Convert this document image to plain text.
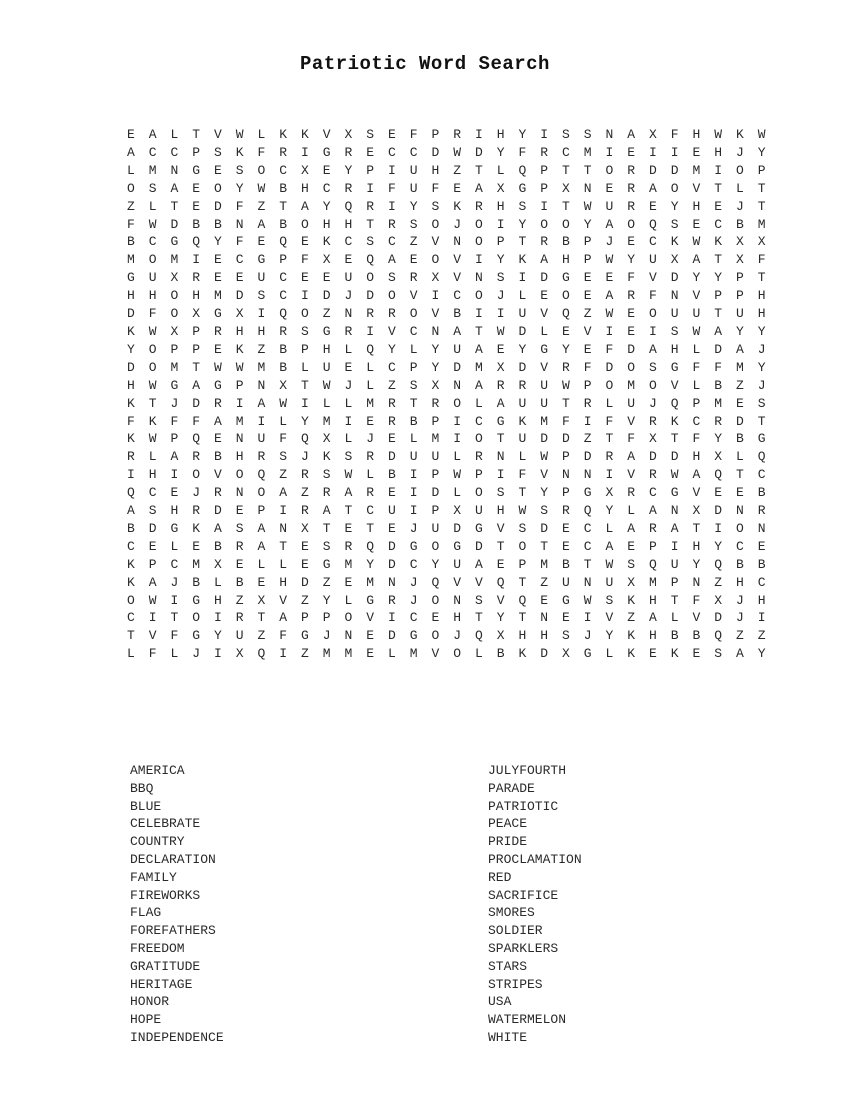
Patriotic Word Search
E	A	L	T	V	W	L	K	K	V	X	S	E	F	P	R	I	H	Y	I	S	S	N	A	X	F	H	W	K	W
A	C	C	P	S	K	F	R	I	G	R	E	C	C	D	W	D	Y	F	R	C	M	I	E	I	I	E	H	J	Y
L	M	N	G	E	S	O	C	X	E	Y	P	I	U	H	Z	T	L	Q	P	T	T	O	R	D	D	M	I	O	P
O	S	A	E	O	Y	W	B	H	C	R	I	F	U	F	E	A	X	G	P	X	N	E	R	A	O	V	T	L	T
Z	L	T	E	D	F	Z	T	A	Y	Q	R	I	Y	S	K	R	H	S	I	T	W	U	R	E	Y	H	E	J	T
F	W	D	B	B	N	A	B	O	H	H	T	R	S	O	J	O	I	Y	O	O	Y	A	O	Q	S	E	C	B	M
B	C	G	Q	Y	F	E	Q	E	K	C	S	C	Z	V	N	O	P	T	R	B	P	J	E	C	K	W	K	X	X
M	O	M	I	E	C	G	P	F	X	E	Q	A	E	O	V	I	Y	K	A	H	P	W	Y	U	X	A	T	X	F
G	U	X	R	E	E	U	C	E	E	U	O	S	R	X	V	N	S	I	D	G	E	E	F	V	D	Y	Y	P	T
H	H	O	H	M	D	S	C	I	D	J	D	O	V	I	C	O	J	L	E	O	E	A	R	F	N	V	P	P	H
D	F	O	X	G	X	I	Q	O	Z	N	R	R	O	V	B	I	I	U	V	Q	Z	W	E	O	U	U	T	U	H
K	W	X	P	R	H	H	R	S	G	R	I	V	C	N	A	T	W	D	L	E	V	I	E	I	S	W	A	Y	Y
Y	O	P	P	E	K	Z	B	P	H	L	Q	Y	L	Y	U	A	E	Y	G	Y	E	F	D	A	H	L	D	A	J
D	O	M	T	W	W	M	B	L	U	E	L	C	P	Y	D	M	X	D	V	R	F	D	O	S	G	F	F	M	Y
H	W	G	A	G	P	N	X	T	W	J	L	Z	S	X	N	A	R	R	U	W	P	O	M	O	V	L	B	Z	J
K	T	J	D	R	I	A	W	I	L	L	M	R	T	R	O	L	A	U	U	T	R	L	U	J	Q	P	M	E	S
F	K	F	F	A	M	I	L	Y	M	I	E	R	B	P	I	C	G	K	M	F	I	F	V	R	K	C	R	D	T
K	W	P	Q	E	N	U	F	Q	X	L	J	E	L	M	I	O	T	U	D	D	Z	T	F	X	T	F	Y	B	G
R	L	A	R	B	H	R	S	J	K	S	R	D	U	U	L	R	N	L	W	P	D	R	A	D	D	H	X	L	Q
I	H	I	O	V	O	Q	Z	R	S	W	L	B	I	P	W	P	I	F	V	N	N	I	V	R	W	A	Q	T	C
Q	C	E	J	R	N	O	A	Z	R	A	R	E	I	D	L	O	S	T	Y	P	G	X	R	C	G	V	E	E	B
A	S	H	R	D	E	P	I	R	A	T	C	U	I	P	X	U	H	W	S	R	Q	Y	L	A	N	X	D	N	R
B	D	G	K	A	S	A	N	X	T	E	T	E	J	U	D	G	V	S	D	E	C	L	A	R	A	T	I	O	N
C	E	L	E	B	R	A	T	E	S	R	Q	D	G	O	G	D	T	O	T	E	C	A	E	P	I	H	Y	C	E
K	P	C	M	X	E	L	L	E	G	M	Y	D	C	Y	U	A	E	P	M	B	T	W	S	Q	U	Y	Q	B	B
K	A	J	B	L	B	E	H	D	Z	E	M	N	J	Q	V	V	Q	T	Z	U	N	U	X	M	P	N	Z	H	C
O	W	I	G	H	Z	X	V	Z	Y	L	G	R	J	O	N	S	V	Q	E	G	W	S	K	H	T	F	X	J	H
C	I	T	O	I	R	T	A	P	P	O	V	I	C	E	H	T	Y	T	N	E	I	V	Z	A	L	V	D	J	I
T	V	F	G	Y	U	Z	F	G	J	N	E	D	G	O	J	Q	X	H	H	S	J	Y	K	H	B	B	Q	Z	Z
L	F	L	J	I	X	Q	I	Z	M	M	E	L	M	V	O	L	B	K	D	X	G	L	K	E	K	E	S	A	Y
AMERICA
BBQ
BLUE
CELEBRATE
COUNTRY
DECLARATION
FAMILY
FIREWORKS
FLAG
FOREFATHERS
FREEDOM
GRATITUDE
HERITAGE
HONOR
HOPE
INDEPENDENCE
JULYFOURTH
PARADE
PATRIOTIC
PEACE
PRIDE
PROCLAMATION
RED
SACRIFICE
SMORES
SOLDIER
SPARKLERS
STARS
STRIPES
USA
WATERMELON
WHITE
